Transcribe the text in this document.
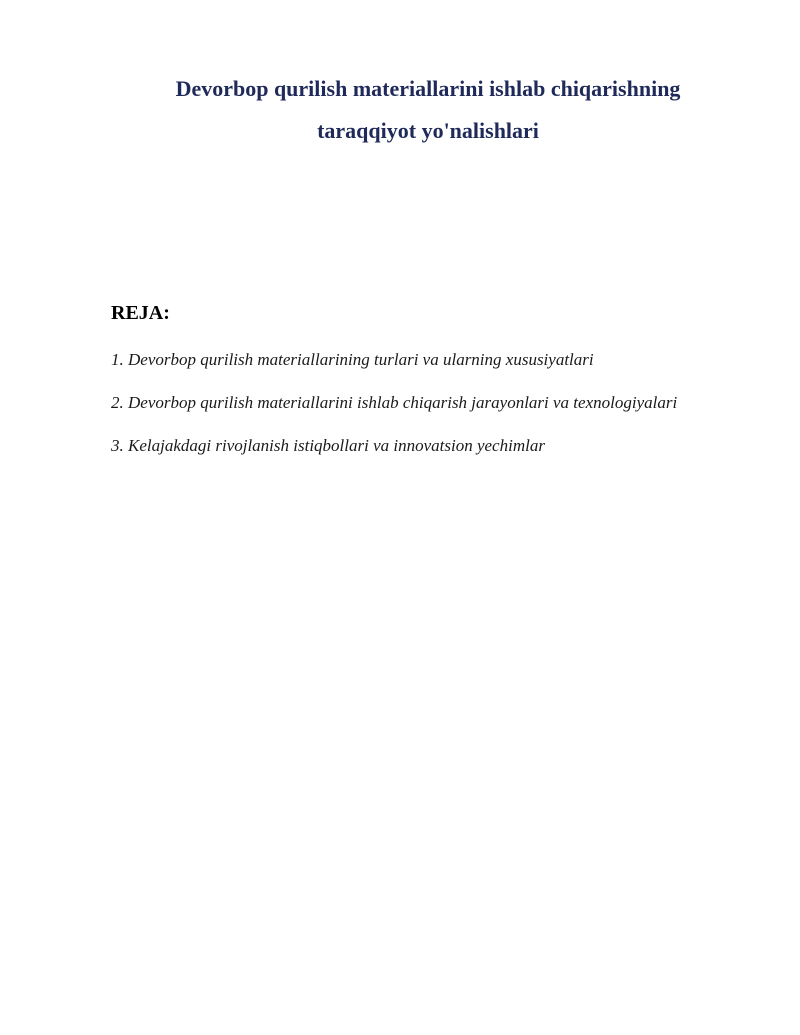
Devorbop qurilish materiallarini ishlab chiqarishning
taraqqiyot yo'nalishlari
REJA:
1. Devorbop qurilish materiallarining turlari va ularning xususiyatlari
2. Devorbop qurilish materiallarini ishlab chiqarish jarayonlari va texnologiyalari
3. Kelajakdagi rivojlanish istiqbollari va innovatsion yechimlar
